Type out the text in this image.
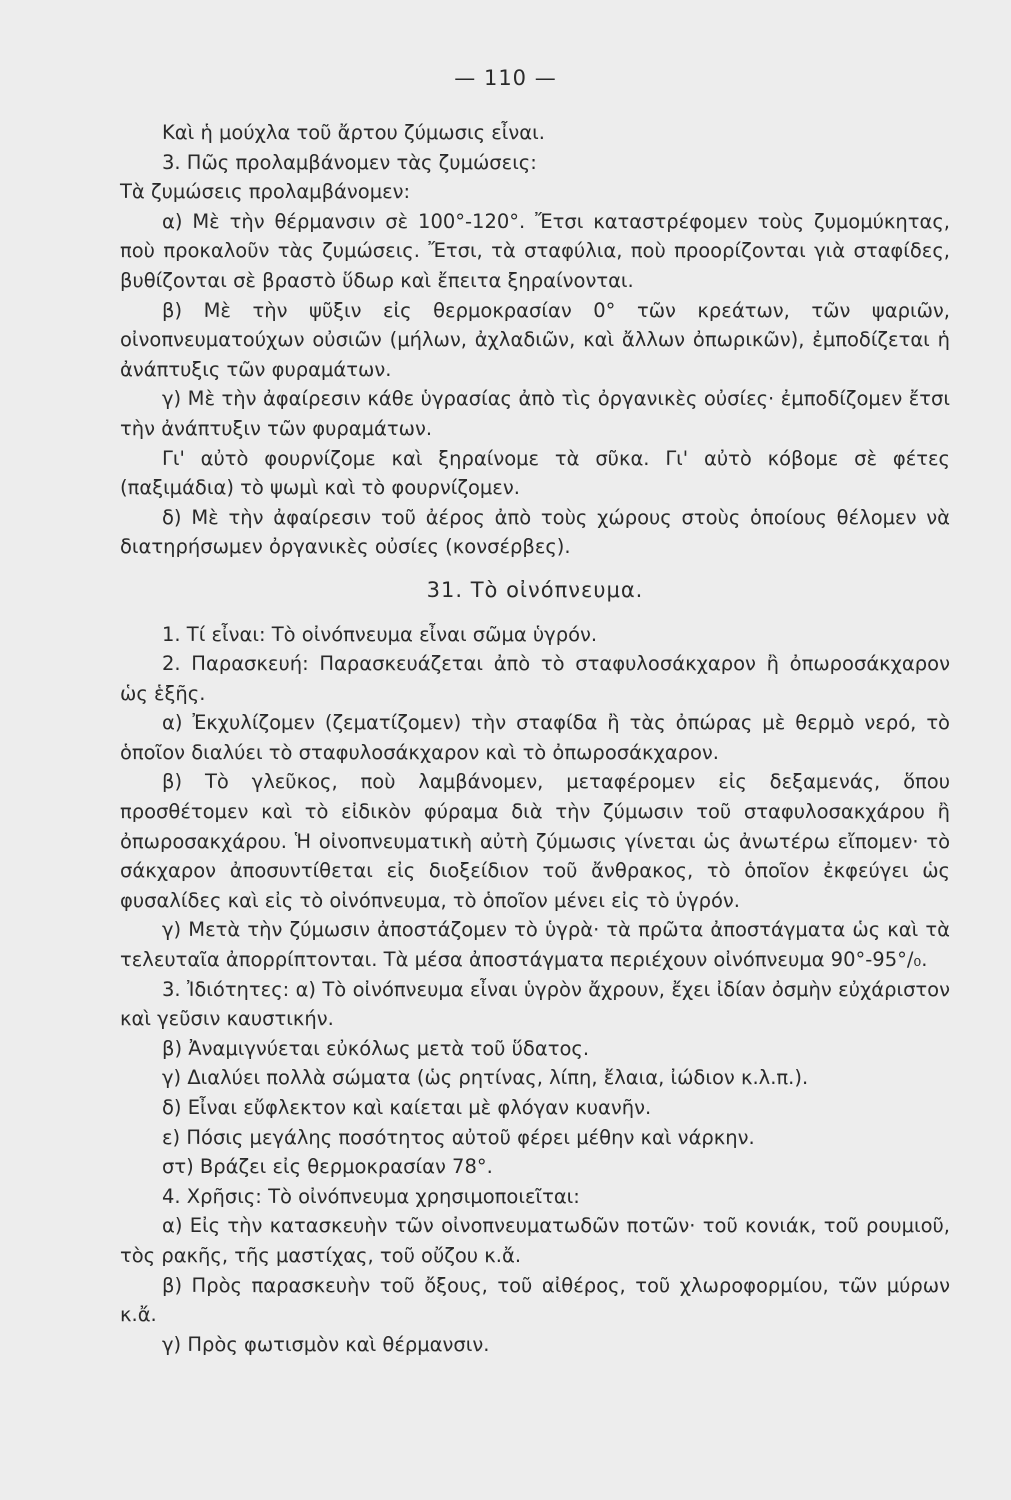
— 110 —

Καὶ ἡ μούχλα τοῦ ἄρτου ζύμωσις εἶναι.

3. Πῶς προλαμβάνομεν τὰς ζυμώσεις:

Τὰ ζυμώσεις προλαμβάνομεν:

α) Μὲ τὴν θέρμανσιν σὲ 100°-120°. Ἔτσι καταστρέφομεν τοὺς ζυμομύκητας, ποὺ προκαλοῦν τὰς ζυμώσεις. Ἔτσι, τὰ σταφύλια, ποὺ προορίζονται γιὰ σταφίδες, βυθίζονται σὲ βραστὸ ὕδωρ καὶ ἔπειτα ξηραίνονται.

β) Μὲ τὴν ψῦξιν εἰς θερμοκρασίαν 0° τῶν κρεάτων, τῶν ψαριῶν, οἰνοπνευματούχων οὐσιῶν (μήλων, ἀχλαδιῶν, καὶ ἄλλων ὀπωρικῶν), ἐμποδίζεται ἡ ἀνάπτυξις τῶν φυραμάτων.

γ) Μὲ τὴν ἀφαίρεσιν κάθε ὑγρασίας ἀπὸ τὶς ὀργανικὲς οὐσίες· ἐμποδίζομεν ἔτσι τὴν ἀνάπτυξιν τῶν φυραμάτων.

Γι' αὐτὸ φουρνίζομε καὶ ξηραίνομε τὰ σῦκα. Γι' αὐτὸ κόβομε σὲ φέτες (παξιμάδια) τὸ ψωμὶ καὶ τὸ φουρνίζομεν.

δ) Μὲ τὴν ἀφαίρεσιν τοῦ ἀέρος ἀπὸ τοὺς χώρους στοὺς ὁποίους θέλομεν νὰ διατηρήσωμεν ὀργανικὲς οὐσίες (κονσέρβες).

31. Τὸ οἰνόπνευμα.

1. Τί εἶναι: Τὸ οἰνόπνευμα εἶναι σῶμα ὑγρόν.

2. Παρασκευή: Παρασκευάζεται ἀπὸ τὸ σταφυλοσάκχαρον ἢ ὀπωροσάκχαρον ὡς ἑξῆς.

α) Ἐκχυλίζομεν (ζεματίζομεν) τὴν σταφίδα ἢ τὰς ὀπώρας μὲ θερμὸ νερό, τὸ ὁποῖον διαλύει τὸ σταφυλοσάκχαρον καὶ τὸ ὀπωροσάκχαρον.

β) Τὸ γλεῦκος, ποὺ λαμβάνομεν, μεταφέρομεν εἰς δεξαμενάς, ὅπου προσθέτομεν καὶ τὸ εἰδικὸν φύραμα διὰ τὴν ζύμωσιν τοῦ σταφυλοσακχάρου ἢ ὀπωροσακχάρου. Ἡ οἰνοπνευματικὴ αὐτὴ ζύμωσις γίνεται ὡς ἀνωτέρω εἴπομεν· τὸ σάκχαρον ἀποσυντίθεται εἰς διοξείδιον τοῦ ἄνθρακος, τὸ ὁποῖον ἐκφεύγει ὡς φυσαλίδες καὶ εἰς τὸ οἰνόπνευμα, τὸ ὁποῖον μένει εἰς τὸ ὑγρόν.

γ) Μετὰ τὴν ζύμωσιν ἀποστάζομεν τὸ ὑγρὰ· τὰ πρῶτα ἀποστάγματα ὡς καὶ τὰ τελευταῖα ἀπορρίπτονται. Τὰ μέσα ἀποστάγματα περιέχουν οἰνόπνευμα 90°-95°/₀.

3. Ἰδιότητες: α) Τὸ οἰνόπνευμα εἶναι ὑγρὸν ἄχρουν, ἔχει ἰδίαν ὀσμὴν εὐχάριστον καὶ γεῦσιν καυστικήν.

β) Ἀναμιγνύεται εὐκόλως μετὰ τοῦ ὕδατος.

γ) Διαλύει πολλὰ σώματα (ὡς ρητίνας, λίπη, ἔλαια, ἰώδιον κ.λ.π.).

δ) Εἶναι εὔφλεκτον καὶ καίεται μὲ φλόγαν κυανῆν.

ε) Πόσις μεγάλης ποσότητος αὐτοῦ φέρει μέθην καὶ νάρκην.

στ) Βράζει εἰς θερμοκρασίαν 78°.

4. Χρῆσις: Τὸ οἰνόπνευμα χρησιμοποιεῖται:

α) Εἰς τὴν κατασκευὴν τῶν οἰνοπνευματωδῶν ποτῶν· τοῦ κονιάκ, τοῦ ρουμιοῦ, τὸς ρακῆς, τῆς μαστίχας, τοῦ οὔζου κ.ἄ.

β) Πρὸς παρασκευὴν τοῦ ὄξους, τοῦ αἰθέρος, τοῦ χλωροφορμίου, τῶν μύρων κ.ἄ.

γ) Πρὸς φωτισμὸν καὶ θέρμανσιν.
